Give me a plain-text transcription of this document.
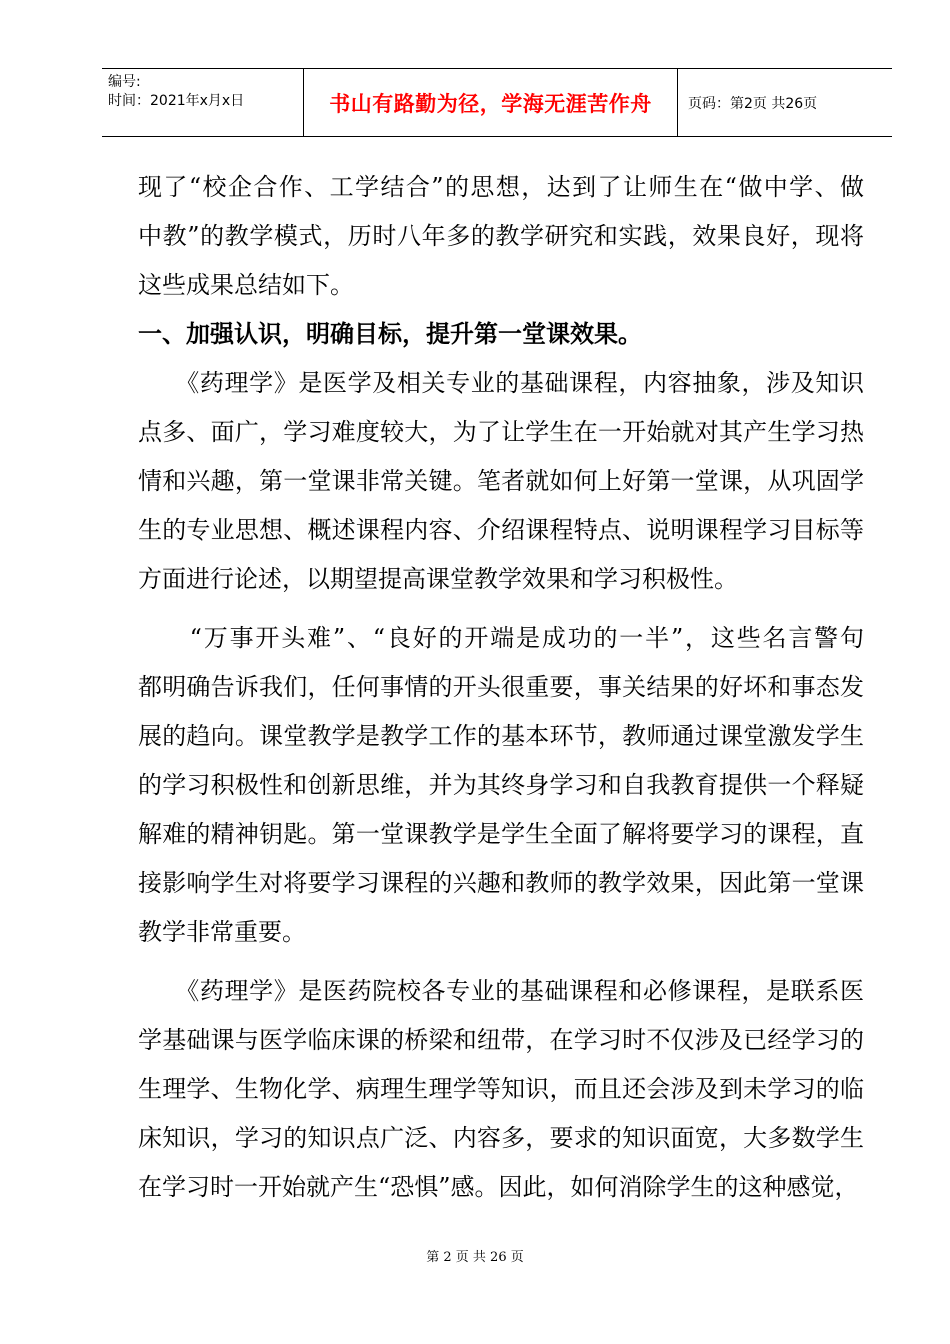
编号:
时间：2021年x月x日	书山有路勤为径，学海无涯苦作舟	页码：第2页 共26页
现了“校企合作、工学结合”的思想，达到了让师生在“做中学、做
中教”的教学模式，历时八年多的教学研究和实践，效果良好，现将
这些成果总结如下。
一、加强认识，明确目标，提升第一堂课效果。
　　《药理学》是医学及相关专业的基础课程，内容抽象，涉及知识
点多、面广，学习难度较大，为了让学生在一开始就对其产生学习热
情和兴趣，第一堂课非常关键。笔者就如何上好第一堂课，从巩固学
生的专业思想、概述课程内容、介绍课程特点、说明课程学习目标等
方面进行论述，以期望提高课堂教学效果和学习积极性。
　　“万事开头难”、“良好的开端是成功的一半”，这些名言警句
都明确告诉我们，任何事情的开头很重要，事关结果的好坏和事态发
展的趋向。课堂教学是教学工作的基本环节，教师通过课堂激发学生
的学习积极性和创新思维，并为其终身学习和自我教育提供一个释疑
解难的精神钥匙。第一堂课教学是学生全面了解将要学习的课程，直
接影响学生对将要学习课程的兴趣和教师的教学效果，因此第一堂课
教学非常重要。
　　《药理学》是医药院校各专业的基础课程和必修课程，是联系医
学基础课与医学临床课的桥梁和纽带，在学习时不仅涉及已经学习的
生理学、生物化学、病理生理学等知识，而且还会涉及到未学习的临
床知识，学习的知识点广泛、内容多，要求的知识面宽，大多数学生
在学习时一开始就产生“恐惧”感。因此，如何消除学生的这种感觉，
第 2 页 共 26 页
